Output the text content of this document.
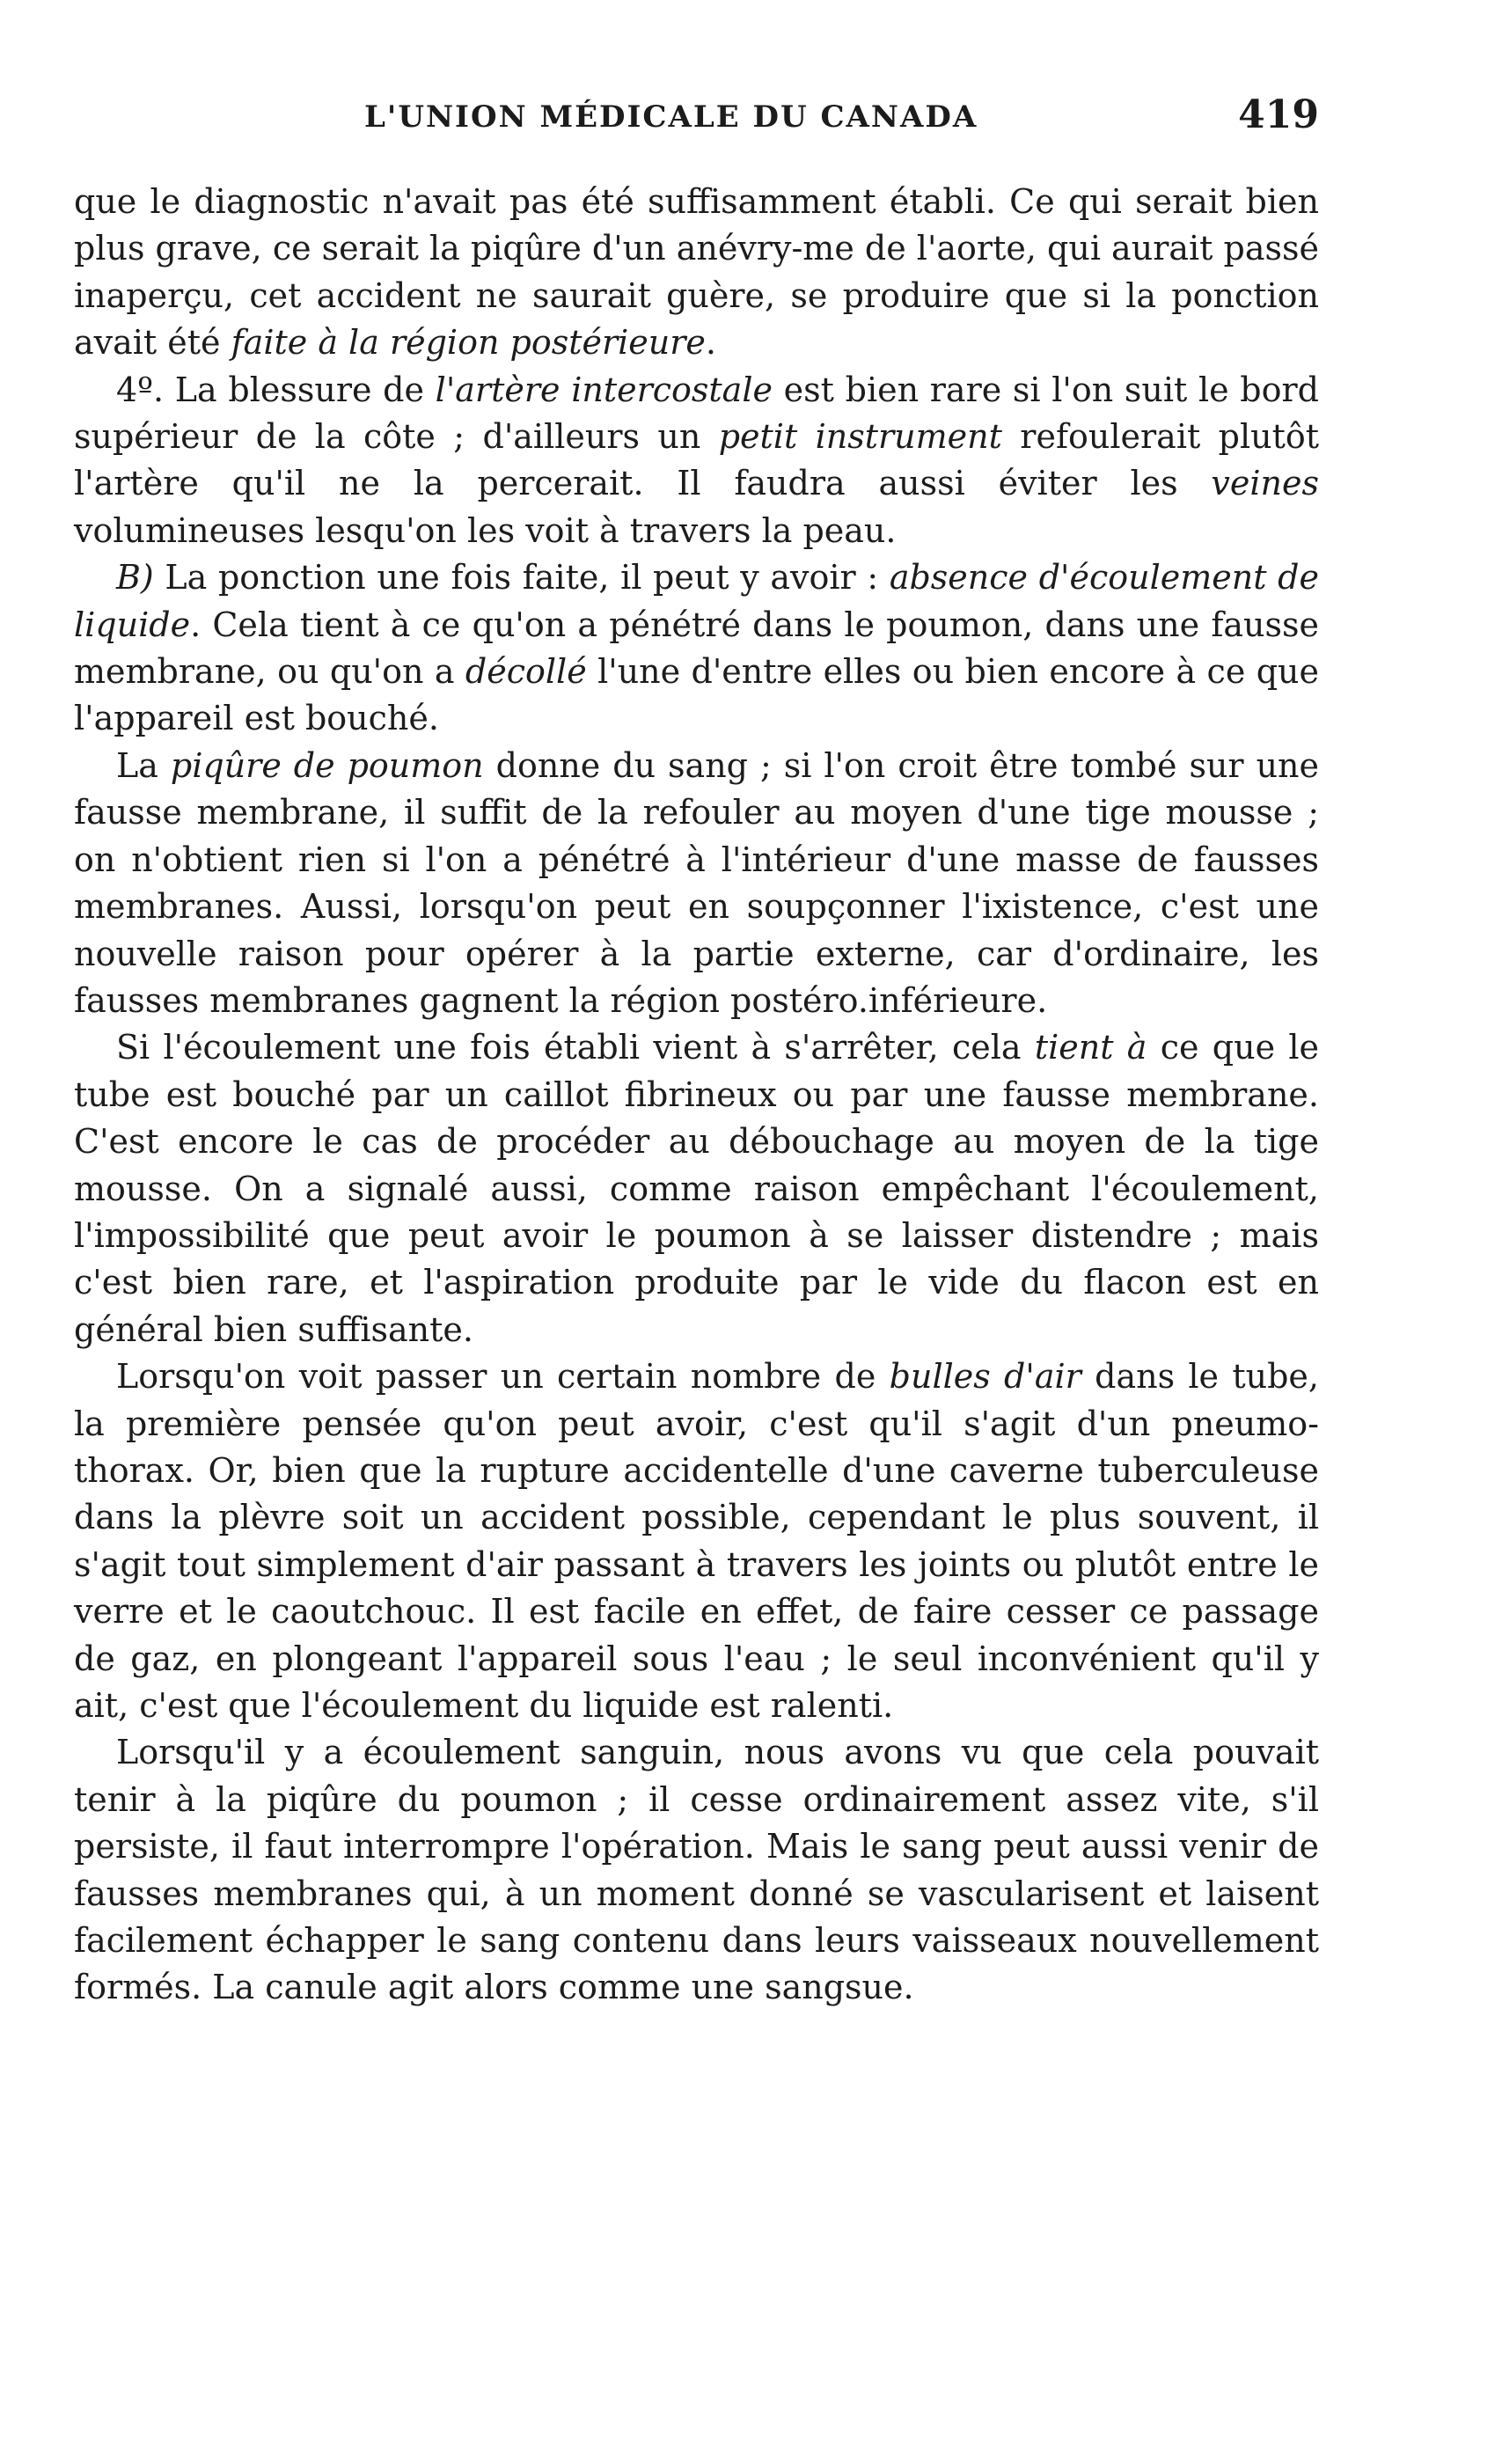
L'UNION MÉDICALE DU CANADA	419

que le diagnostic n'avait pas été suffisamment établi. Ce qui serait bien plus grave, ce serait la piqûre d'un anévry-me de l'aorte, qui aurait passé inaperçu, cet accident ne saurait guère, se produire que si la ponction avait été faite à la région postérieure.

4º. La blessure de l'artère intercostale est bien rare si l'on suit le bord supérieur de la côte ; d'ailleurs un petit instrument refoulerait plutôt l'artère qu'il ne la percerait. Il faudra aussi éviter les veines volumineuses lesqu'on les voit à travers la peau.

B) La ponction une fois faite, il peut y avoir : absence d'écoulement de liquide. Cela tient à ce qu'on a pénétré dans le poumon, dans une fausse membrane, ou qu'on a décollé l'une d'entre elles ou bien encore à ce que l'appareil est bouché.

La piqûre de poumon donne du sang ; si l'on croit être tombé sur une fausse membrane, il suffit de la refouler au moyen d'une tige mousse ; on n'obtient rien si l'on a pénétré à l'intérieur d'une masse de fausses membranes. Aussi, lorsqu'on peut en soupçonner l'ixistence, c'est une nouvelle raison pour opérer à la partie externe, car d'ordinaire, les fausses membranes gagnent la région postéro.inférieure.

Si l'écoulement une fois établi vient à s'arrêter, cela tient à ce que le tube est bouché par un caillot fibrineux ou par une fausse membrane. C'est encore le cas de procéder au débouchage au moyen de la tige mousse. On a signalé aussi, comme raison empêchant l'écoulement, l'impossibilité que peut avoir le poumon à se laisser distendre ; mais c'est bien rare, et l'aspiration produite par le vide du flacon est en général bien suffisante.

Lorsqu'on voit passer un certain nombre de bulles d'air dans le tube, la première pensée qu'on peut avoir, c'est qu'il s'agit d'un pneumo-thorax. Or, bien que la rupture accidentelle d'une caverne tuberculeuse dans la plèvre soit un accident possible, cependant le plus souvent, il s'agit tout simplement d'air passant à travers les joints ou plutôt entre le verre et le caoutchouc. Il est facile en effet, de faire cesser ce passage de gaz, en plongeant l'appareil sous l'eau ; le seul inconvénient qu'il y ait, c'est que l'écoulement du liquide est ralenti.

Lorsqu'il y a écoulement sanguin, nous avons vu que cela pouvait tenir à la piqûre du poumon ; il cesse ordinairement assez vite, s'il persiste, il faut interrompre l'opération. Mais le sang peut aussi venir de fausses membranes qui, à un moment donné se vascularisent et laisent facilement échapper le sang contenu dans leurs vaisseaux nouvellement formés. La canule agit alors comme une sangsue.
